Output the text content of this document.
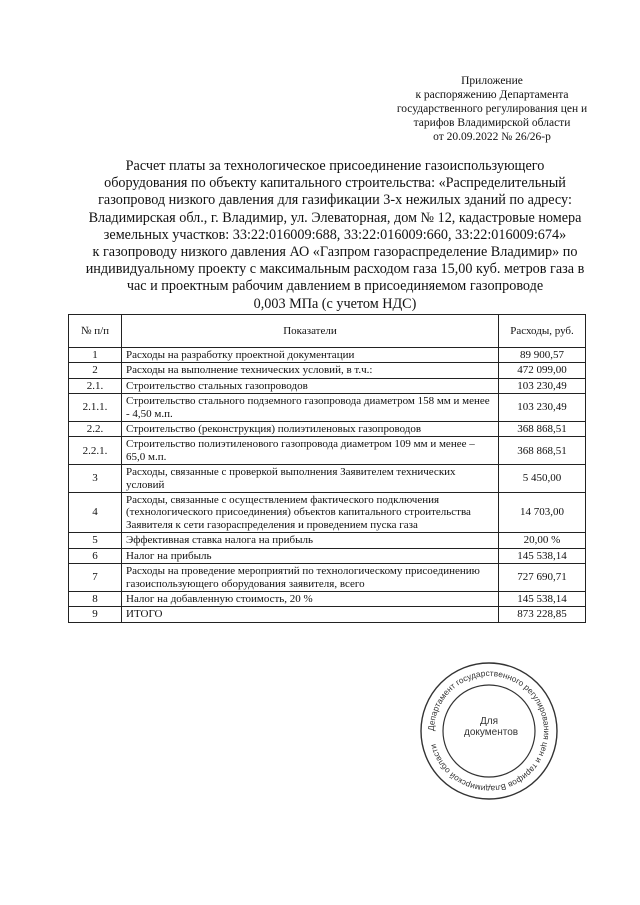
Приложение
к распоряжению Департамента
государственного регулирования цен и
тарифов Владимирской области
от 20.09.2022 № 26/26-р
Расчет платы за технологическое присоединение газоиспользующего
оборудования по объекту капитального строительства: «Распределительный
газопровод низкого давления для газификации 3-х нежилых зданий по адресу:
Владимирская обл., г. Владимир, ул. Элеваторная, дом № 12, кадастровые номера
земельных участков: 33:22:016009:688, 33:22:016009:660, 33:22:016009:674»
к газопроводу низкого давления АО «Газпром газораспределение Владимир» по
индивидуальному проекту с максимальным расходом газа 15,00 куб. метров газа в
час и проектным рабочим давлением в присоединяемом газопроводе
0,003 МПа (с учетом НДС)
№ п/п	Показатели	Расходы, руб.
1	Расходы на разработку проектной документации	89 900,57
2	Расходы на выполнение технических условий, в т.ч.:	472 099,00
2.1.	Строительство стальных газопроводов	103 230,49
2.1.1.	Строительство стального подземного газопровода диаметром 158 мм и менее - 4,50 м.п.	103 230,49
2.2.	Строительство (реконструкция) полиэтиленовых газопроводов	368 868,51
2.2.1.	Строительство полиэтиленового газопровода диаметром 109 мм и менее – 65,0 м.п.	368 868,51
3	Расходы, связанные с проверкой выполнения Заявителем технических условий	5 450,00
4	Расходы, связанные с осуществлением фактического подключения (технологического присоединения) объектов капитального строительства Заявителя к сети газораспределения и проведением пуска газа	14 703,00
5	Эффективная ставка налога на прибыль	20,00 %
6	Налог на прибыль	145 538,14
7	Расходы на проведение мероприятий по технологическому присоединению газоиспользующего оборудования заявителя, всего	727 690,71
8	Налог на добавленную стоимость, 20 %	145 538,14
9	ИТОГО	873 228,85
Департамент государственного регулирования цен и тарифов Владимирской области
Для
документов
